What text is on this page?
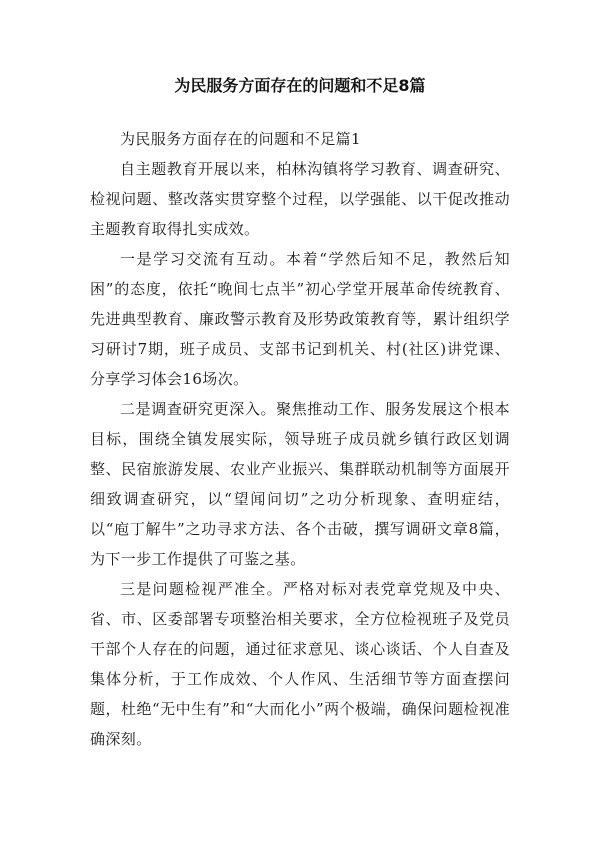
为民服务方面存在的问题和不足8篇

为民服务方面存在的问题和不足篇1

自主题教育开展以来，柏林沟镇将学习教育、调查研究、检视问题、整改落实贯穿整个过程，以学强能、以干促改推动主题教育取得扎实成效。

一是学习交流有互动。本着“学然后知不足，教然后知困”的态度，依托“晚间七点半”初心学堂开展革命传统教育、先进典型教育、廉政警示教育及形势政策教育等，累计组织学习研讨7期，班子成员、支部书记到机关、村(社区)讲党课、分享学习体会16场次。

二是调查研究更深入。聚焦推动工作、服务发展这个根本目标，围绕全镇发展实际，领导班子成员就乡镇行政区划调整、民宿旅游发展、农业产业振兴、集群联动机制等方面展开细致调查研究，以“望闻问切”之功分析现象、查明症结，以“庖丁解牛”之功寻求方法、各个击破，撰写调研文章8篇，为下一步工作提供了可鉴之基。

三是问题检视严准全。严格对标对表党章党规及中央、省、市、区委部署专项整治相关要求，全方位检视班子及党员干部个人存在的问题，通过征求意见、谈心谈话、个人自查及集体分析，于工作成效、个人作风、生活细节等方面查摆问题，杜绝“无中生有”和“大而化小”两个极端，确保问题检视准确深刻。
